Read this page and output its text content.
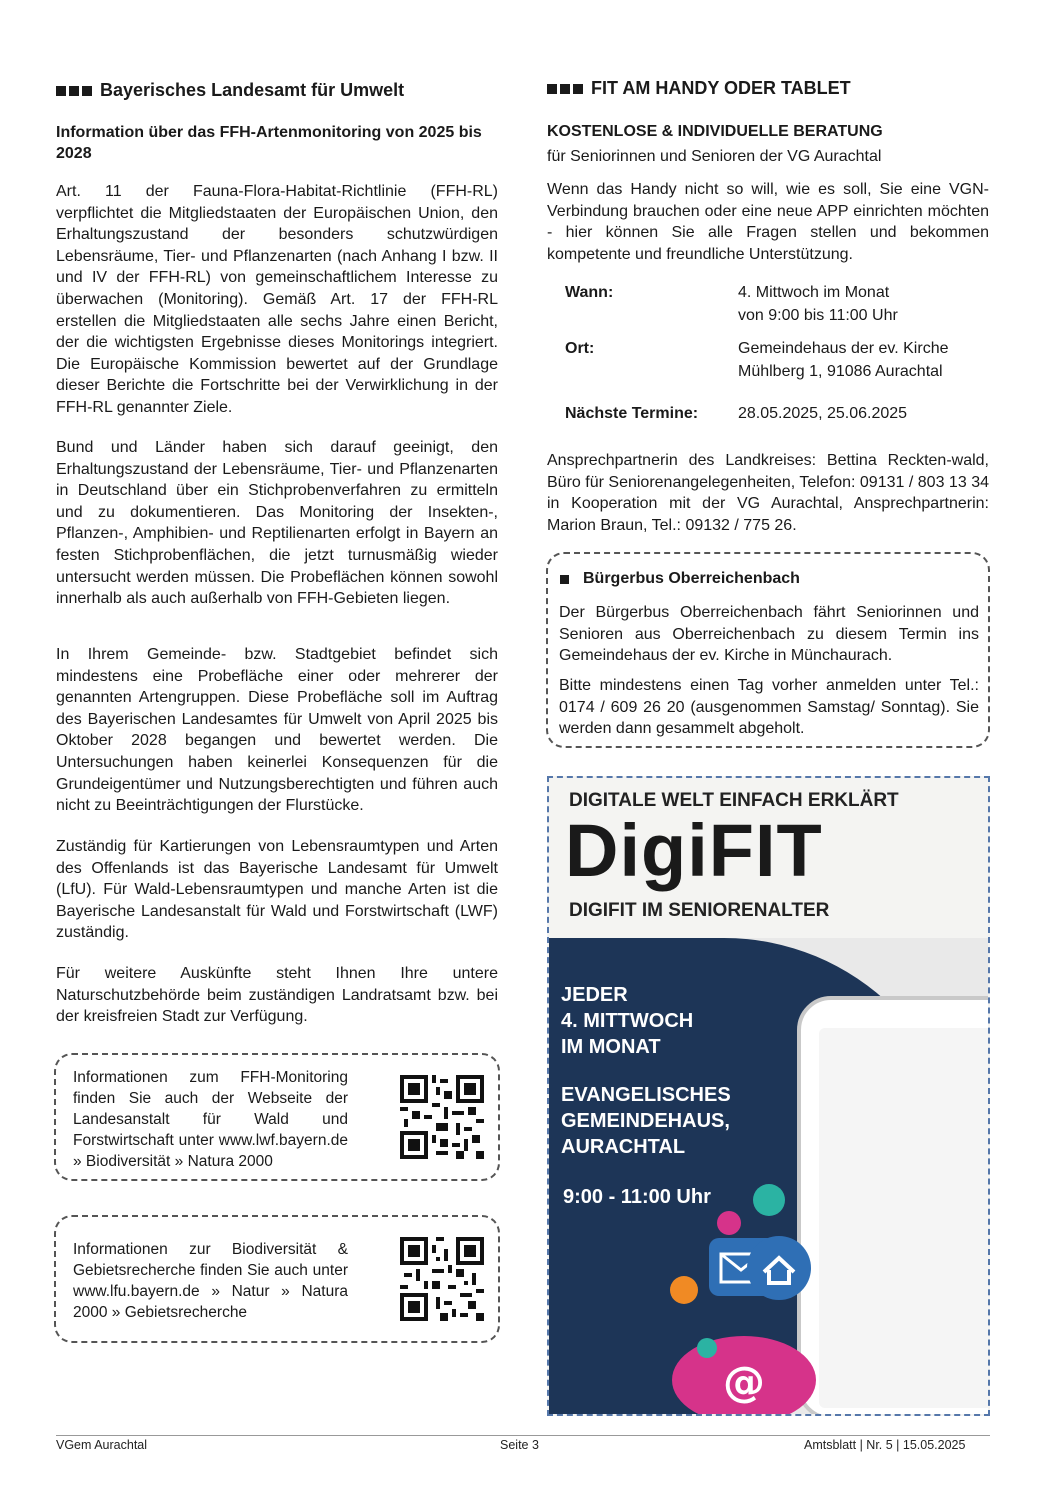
Bayerisches Landesamt für Umwelt
Information über das FFH-Artenmonitoring von 2025 bis 2028

Art. 11 der Fauna-Flora-Habitat-Richtlinie (FFH-RL) verpflichtet die Mitgliedstaaten der Europäischen Union, den Erhaltungszustand der besonders schutzwürdigen Lebensräume, Tier- und Pflanzenarten (nach Anhang I bzw. II und IV der FFH-RL) von gemeinschaftlichem Interesse zu überwachen (Monitoring). Gemäß Art. 17 der FFH-RL erstellen die Mitgliedstaaten alle sechs Jahre einen Bericht, der die wichtigsten Ergebnisse dieses Monitorings integriert. Die Europäische Kommission bewertet auf der Grundlage dieser Berichte die Fortschritte bei der Verwirklichung in der FFH-RL genannter Ziele.

Bund und Länder haben sich darauf geeinigt, den Erhaltungszustand der Lebensräume, Tier- und Pflanzenarten in Deutschland über ein Stichprobenverfahren zu ermitteln und zu dokumentieren. Das Monitoring der Insekten-, Pflanzen-, Amphibien- und Reptilienarten erfolgt in Bayern an festen Stichprobenflächen, die jetzt turnusmäßig wieder untersucht werden müssen. Die Probeflächen können sowohl innerhalb als auch außerhalb von FFH-Gebieten liegen.

In Ihrem Gemeinde- bzw. Stadtgebiet befindet sich mindestens eine Probefläche einer oder mehrerer der genannten Artengruppen. Diese Probefläche soll im Auftrag des Bayerischen Landesamtes für Umwelt von April 2025 bis Oktober 2028 begangen und bewertet werden. Die Untersuchungen haben keinerlei Konsequenzen für die Grundeigentümer und Nutzungsberechtigten und führen auch nicht zu Beeinträchtigungen der Flurstücke.

Zuständig für Kartierungen von Lebensraumtypen und Arten des Offenlands ist das Bayerische Landesamt für Umwelt (LfU). Für Wald-Lebensraumtypen und manche Arten ist die Bayerische Landesanstalt für Wald und Forstwirtschaft (LWF) zuständig.

Für weitere Auskünfte steht Ihnen Ihre untere Naturschutzbehörde beim zuständigen Landratsamt bzw. bei der kreisfreien Stadt zur Verfügung.

Informationen zum FFH-Monitoring finden Sie auch der Webseite der Landesanstalt für Wald und Forstwirtschaft unter www.lwf.bayern.de » Biodiversität » Natura 2000
Informationen zur Biodiversität & Gebietsrecherche finden Sie auch unter www.lfu.bayern.de » Natur » Natura 2000 » Gebietsrecherche
FIT AM HANDY ODER TABLET
KOSTENLOSE & INDIVIDUELLE BERATUNG
für Seniorinnen und Senioren der VG Aurachtal

Wenn das Handy nicht so will, wie es soll, Sie eine VGN-Verbindung brauchen oder eine neue APP einrichten möchten - hier können Sie alle Fragen stellen und bekommen kompetente und freundliche Unterstützung.

Wann:	4. Mittwoch im Monat
von 9:00 bis 11:00 Uhr
Ort:	Gemeindehaus der ev. Kirche
Mühlberg 1, 91086 Aurachtal
Nächste Termine: 28.05.2025, 25.06.2025

Ansprechpartnerin des Landkreises: Bettina Reckten-wald, Büro für Seniorenangelegenheiten, Telefon: 09131 / 803 13 34 in Kooperation mit der VG Aurachtal, Ansprechpartnerin: Marion Braun, Tel.: 09132 / 775 26.

Bürgerbus Oberreichenbach
Der Bürgerbus Oberreichenbach fährt Seniorinnen und Senioren aus Oberreichenbach zu diesem Termin ins Gemeindehaus der ev. Kirche in Münchaurach.
Bitte mindestens einen Tag vorher anmelden unter Tel.: 0174 / 609 26 20 (ausgenommen Samstag/ Sonntag). Sie werden dann gesammelt abgeholt.
DIGITALE WELT EINFACH ERKLÄRT
DigiFIT
DIGIFIT IM SENIORENALTER
@
JEDER
4. MITTWOCH
IM MONAT
EVANGELISCHES
GEMEINDEHAUS,
AURACHTAL
9:00 - 11:00 Uhr
VGem Aurachtal	Seite 3	Amtsblatt | Nr. 5 | 15.05.2025
